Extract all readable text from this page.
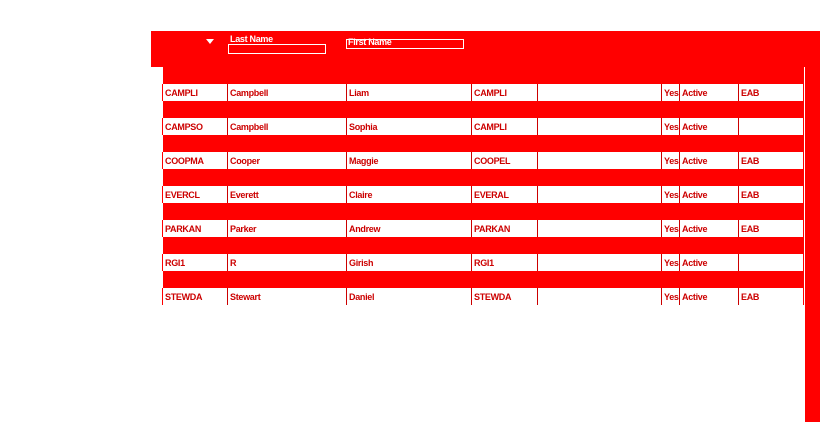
Last Name	First Name

CAMPLI	Campbell	Liam	CAMPLI		Yes	Active	EAB

CAMPSO	Campbell	Sophia	CAMPLI		Yes	Active	

COOPMA	Cooper	Maggie	COOPEL		Yes	Active	EAB

EVERCL	Everett	Claire	EVERAL		Yes	Active	EAB

PARKAN	Parker	Andrew	PARKAN		Yes	Active	EAB

RGI1	R	Girish	RGI1		Yes	Active	

STEWDA	Stewart	Daniel	STEWDA		Yes	Active	EAB
